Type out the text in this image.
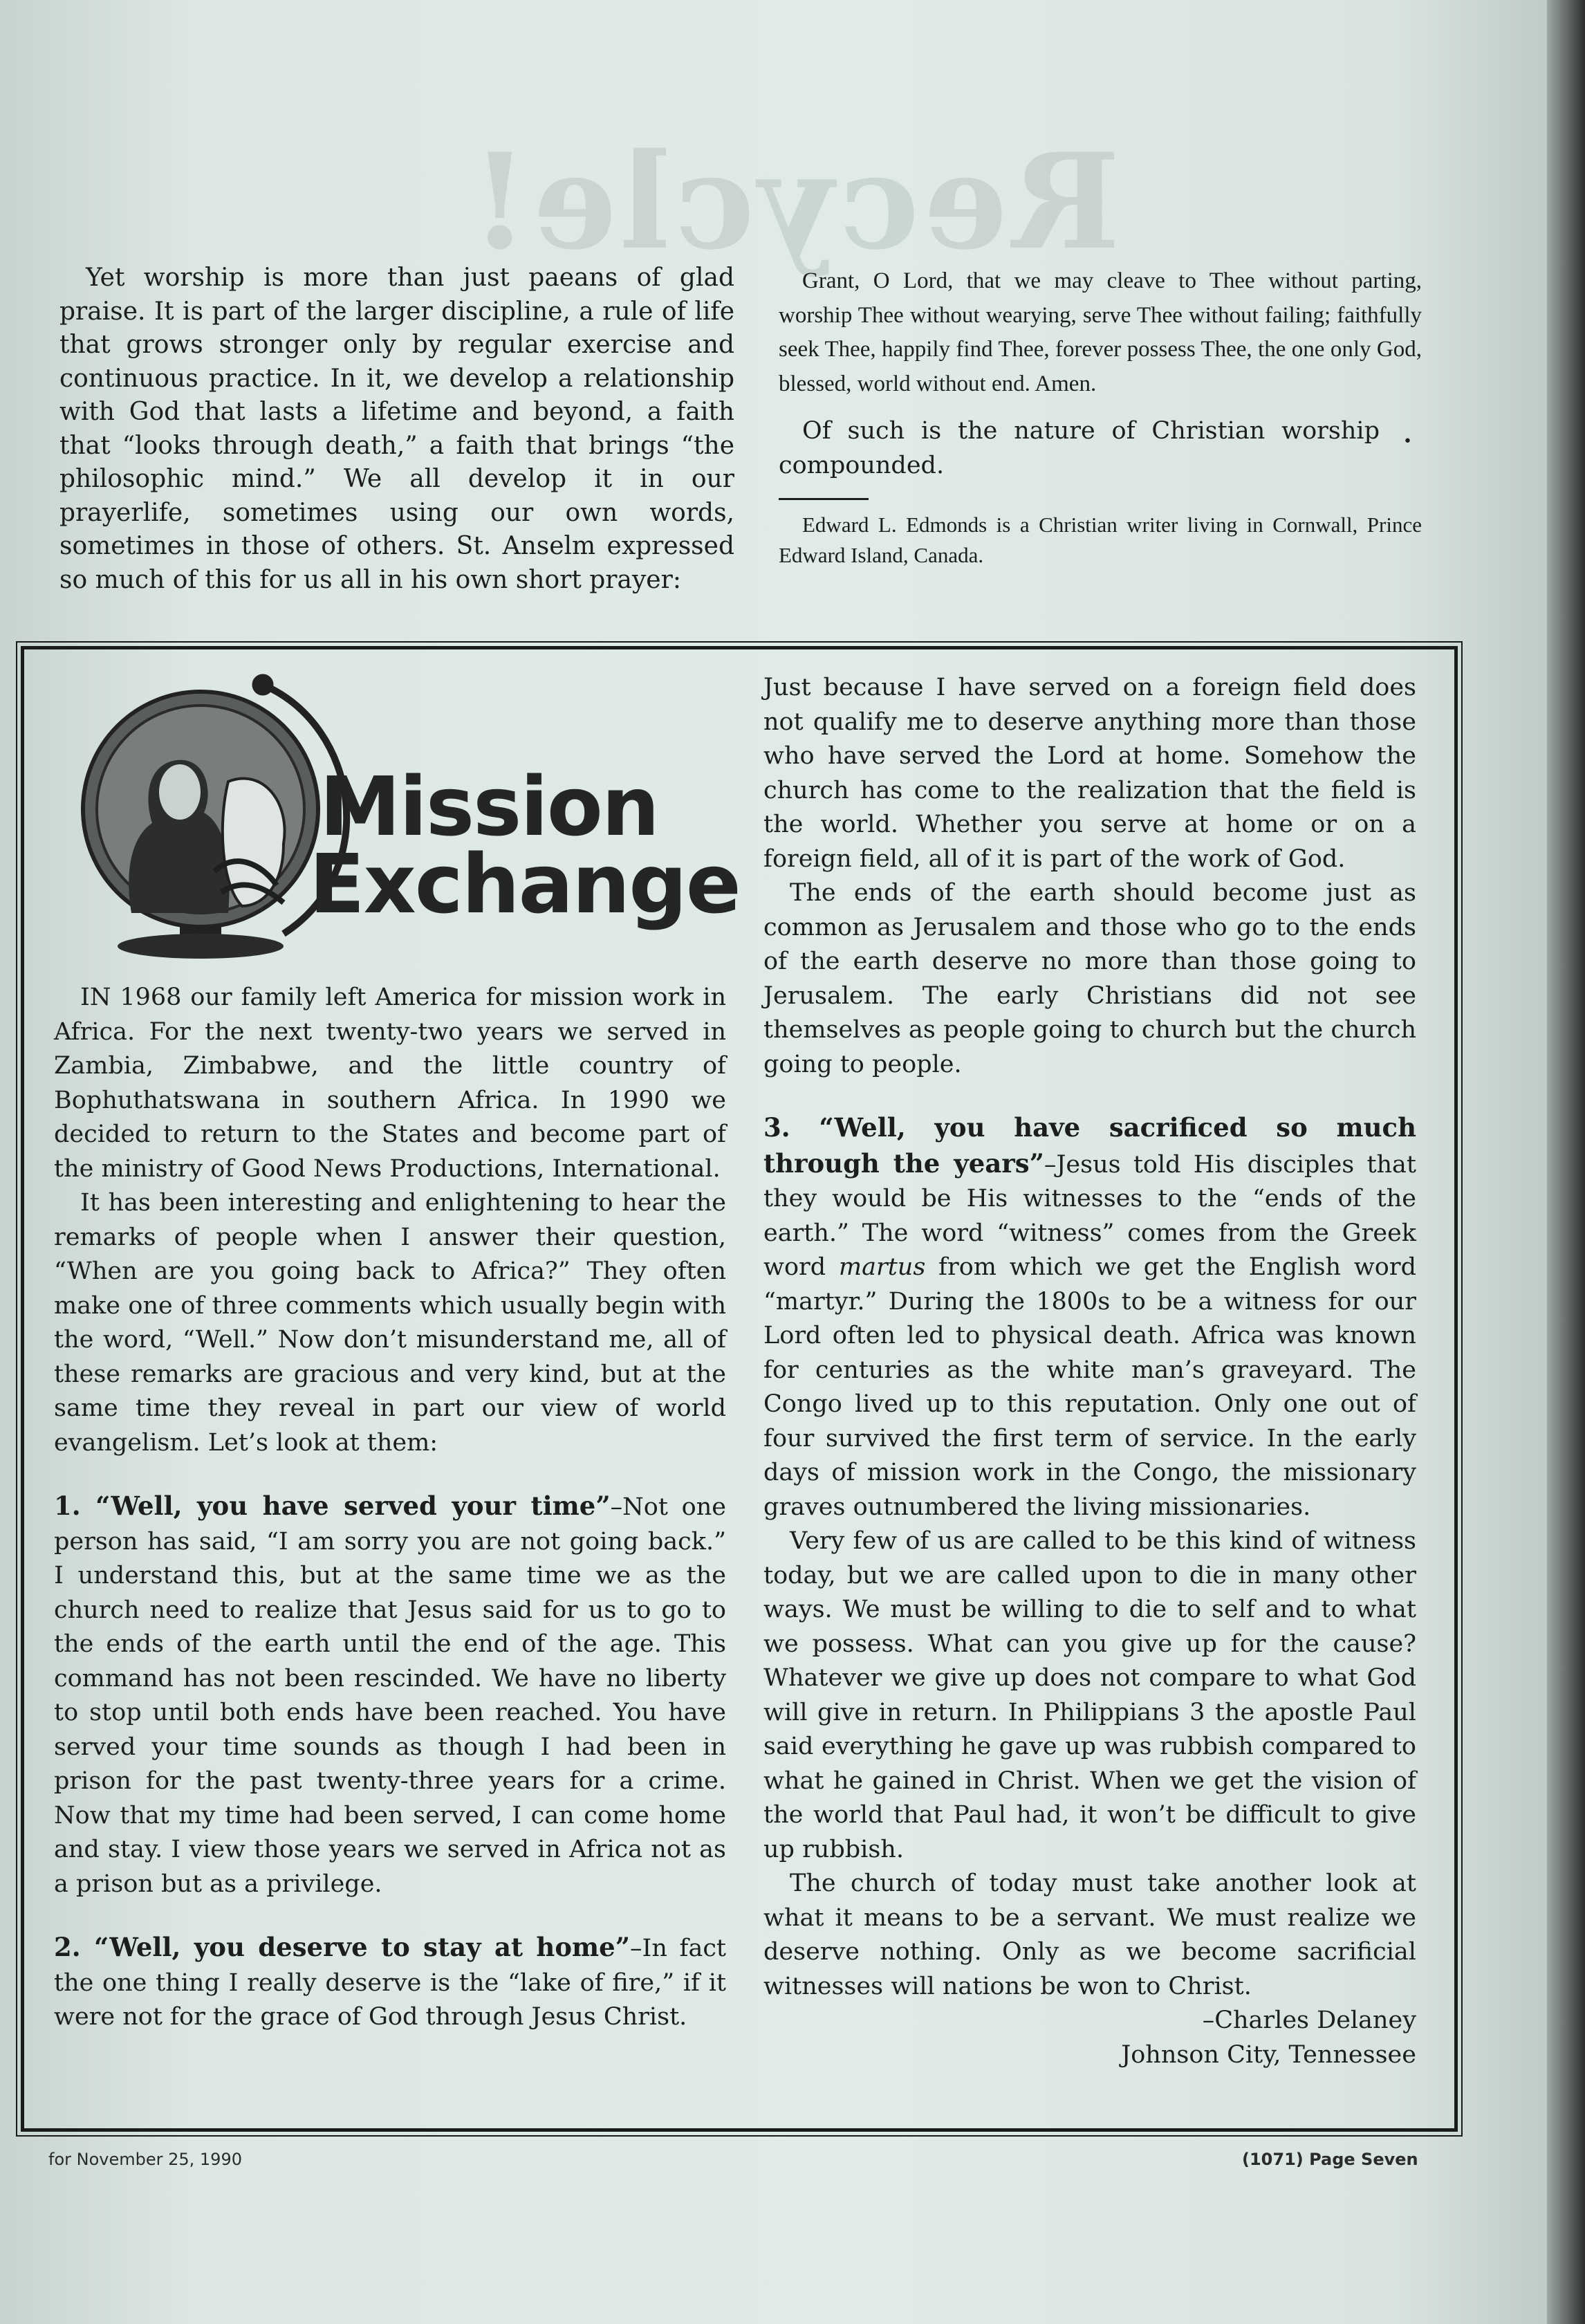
Recycle!

Yet worship is more than just paeans of glad praise. It is part of the larger discipline, a rule of life that grows stronger only by regular exercise and continuous practice. In it, we develop a relationship with God that lasts a lifetime and beyond, a faith that “looks through death,” a faith that brings “the philosophic mind.” We all develop it in our prayerlife, sometimes using our own words, sometimes in those of others. St. Anselm expressed so much of this for us all in his own short prayer:

Grant, O Lord, that we may cleave to Thee without parting, worship Thee without wearying, serve Thee without failing; faithfully seek Thee, happily find Thee, forever possess Thee, the one only God, blessed, world without end. Amen.

•
Of such is the nature of Christian worship compounded.

Edward L. Edmonds is a Christian writer living in Cornwall, Prince Edward Island, Canada.

Mission
Exchange

IN 1968 our family left America for mission work in Africa. For the next twenty-two years we served in Zambia, Zimbabwe, and the little country of Bophuthatswana in southern Africa. In 1990 we decided to return to the States and become part of the ministry of Good News Productions, International.

It has been interesting and enlightening to hear the remarks of people when I answer their question, “When are you going back to Africa?” They often make one of three comments which usually begin with the word, “Well.” Now don’t misunderstand me, all of these remarks are gracious and very kind, but at the same time they reveal in part our view of world evangelism. Let’s look at them:

1. “Well, you have served your time”–Not one person has said, “I am sorry you are not going back.” I understand this, but at the same time we as the church need to realize that Jesus said for us to go to the ends of the earth until the end of the age. This command has not been rescinded. We have no liberty to stop until both ends have been reached. You have served your time sounds as though I had been in prison for the past twenty-three years for a crime. Now that my time had been served, I can come home and stay. I view those years we served in Africa not as a prison but as a privilege.

2. “Well, you deserve to stay at home”–In fact the one thing I really deserve is the “lake of fire,” if it were not for the grace of God through Jesus Christ.

Just because I have served on a foreign field does not qualify me to deserve anything more than those who have served the Lord at home. Somehow the church has come to the realization that the field is the world. Whether you serve at home or on a foreign field, all of it is part of the work of God.

The ends of the earth should become just as common as Jerusalem and those who go to the ends of the earth deserve no more than those going to Jerusalem. The early Christians did not see themselves as people going to church but the church going to people.

3. “Well, you have sacrificed so much through the years”–Jesus told His disciples that they would be His witnesses to the “ends of the earth.” The word “witness” comes from the Greek word martus from which we get the English word “martyr.” During the 1800s to be a witness for our Lord often led to physical death. Africa was known for centuries as the white man’s graveyard. The Congo lived up to this reputation. Only one out of four survived the first term of service. In the early days of mission work in the Congo, the missionary graves outnumbered the living missionaries.

Very few of us are called to be this kind of witness today, but we are called upon to die in many other ways. We must be willing to die to self and to what we possess. What can you give up for the cause? Whatever we give up does not compare to what God will give in return. In Philippians 3 the apostle Paul said everything he gave up was rubbish compared to what he gained in Christ. When we get the vision of the world that Paul had, it won’t be difficult to give up rubbish.

The church of today must take another look at what it means to be a servant. We must realize we deserve nothing. Only as we become sacrificial witnesses will nations be won to Christ.

–Charles Delaney

Johnson City, Tennessee

for November 25, 1990	(1071) Page Seven
